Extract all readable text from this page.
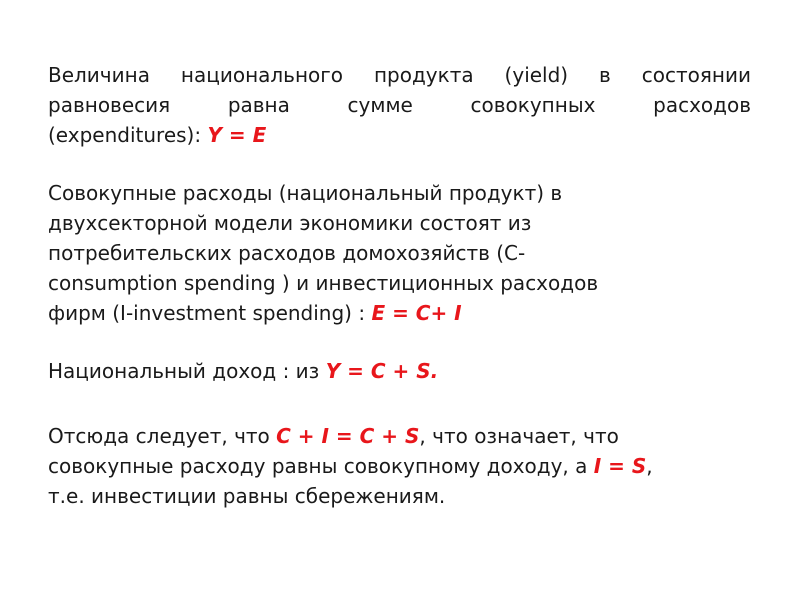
Величина национального продукта (yield) в состоянии
равновесия равна сумме совокупных расходов
(expenditures): Y = E
Совокупные расходы (национальный продукт) в
двухсекторной модели экономики состоят из
потребительских расходов домохозяйств (С-
consumption spending ) и инвестиционных расходов
фирм (I-investment spending) : E = C+ I
Национальный доход : из Y = C + S.
Отсюда следует, что С + I = С + S, что означает, что
совокупные расходу равны совокупному доходу, а I = S,
т.е. инвестиции равны сбережениям.
